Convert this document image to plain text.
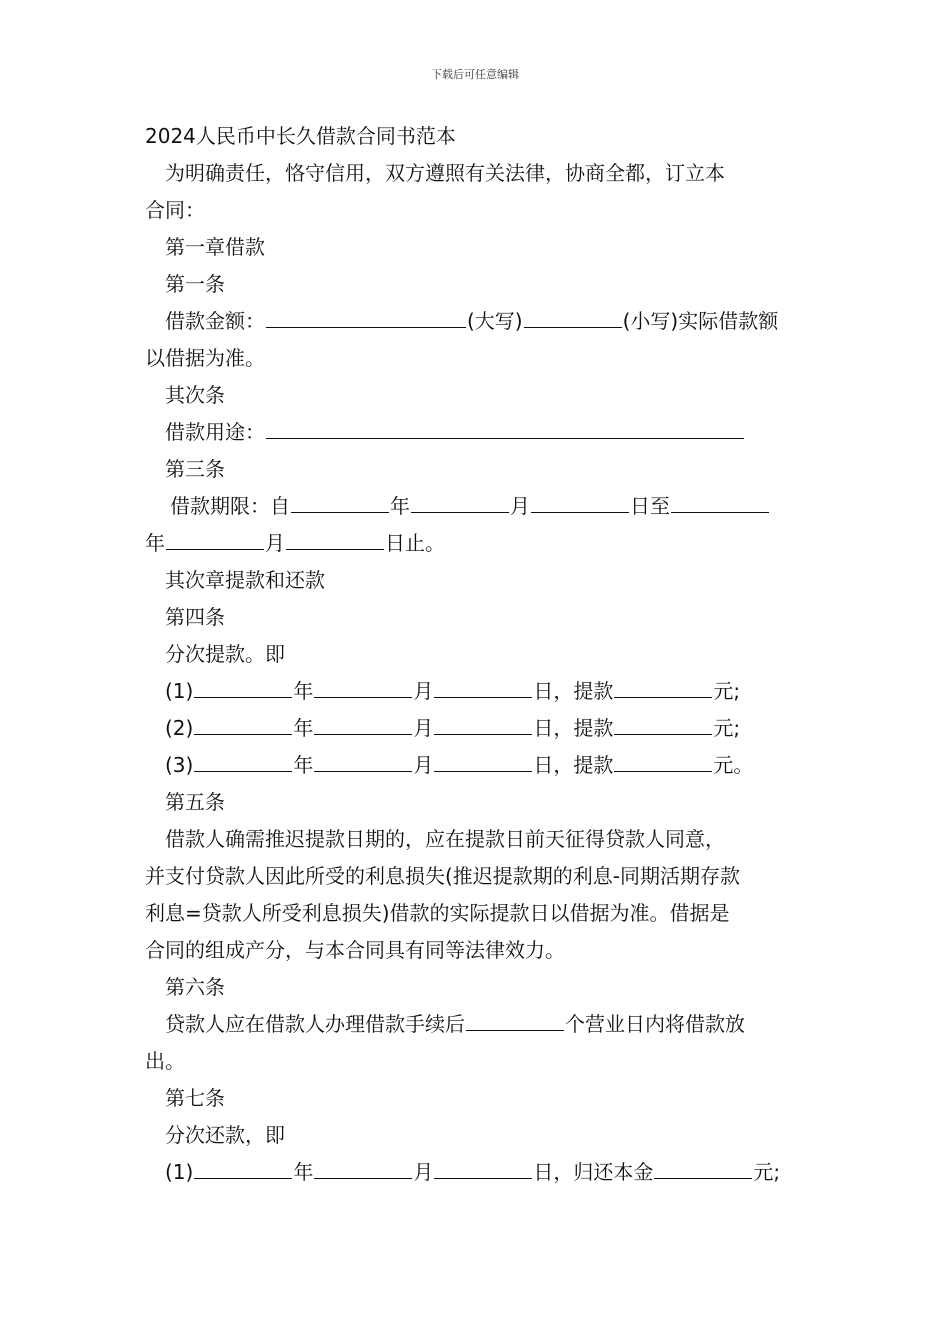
下载后可任意编辑
2024人民币中长久借款合同书范本
为明确责任，恪守信用，双方遵照有关法律，协商全都，订立本
合同：
第一章借款
第一条
借款金额：	(大写)	(小写)实际借款额
以借据为准。
其次条
借款用途：
第三条
借款期限：自	年	月	日至
年	月	日止。
其次章提款和还款
第四条
分次提款。即
(1)	年	月	日，提款	元;
(2)	年	月	日，提款	元;
(3)	年	月	日，提款	元。
第五条
借款人确需推迟提款日期的，应在提款日前天征得贷款人同意，
并支付贷款人因此所受的利息损失(推迟提款期的利息-同期活期存款
利息=贷款人所受利息损失)借款的实际提款日以借据为准。借据是
合同的组成产分，与本合同具有同等法律效力。
第六条
贷款人应在借款人办理借款手续后	个营业日内将借款放
出。
第七条
分次还款，即
(1)	年	月	日，归还本金	元;
